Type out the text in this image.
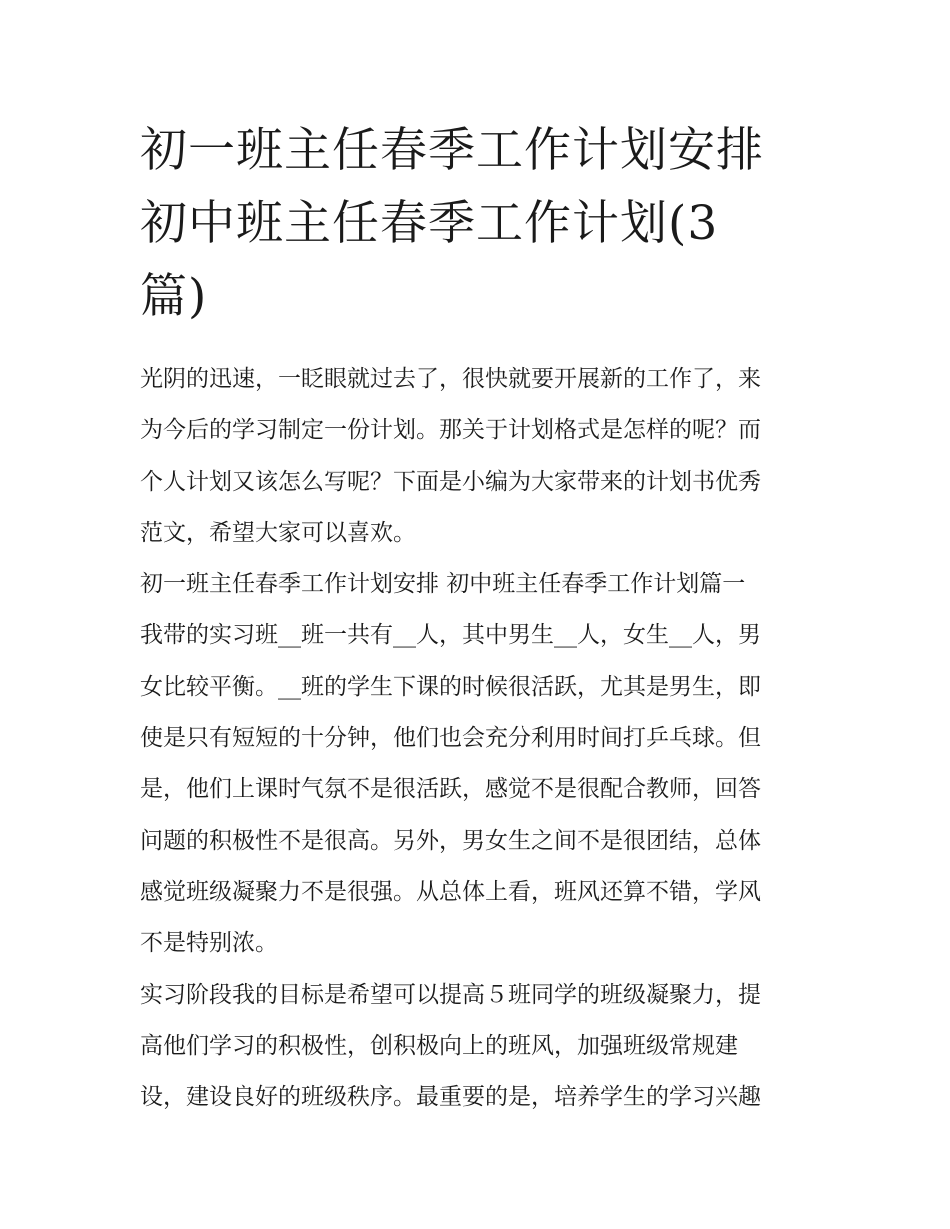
初一班主任春季工作计划安排
初中班主任春季工作计划(3
篇)
光阴的迅速，一眨眼就过去了，很快就要开展新的工作了，来
为今后的学习制定一份计划。那关于计划格式是怎样的呢？而
个人计划又该怎么写呢？下面是小编为大家带来的计划书优秀
范文，希望大家可以喜欢。
初一班主任春季工作计划安排 初中班主任春季工作计划篇一
我带的实习班__班一共有__人，其中男生__人，女生__人，男
女比较平衡。__班的学生下课的时候很活跃，尤其是男生，即
使是只有短短的十分钟，他们也会充分利用时间打乒乓球。但
是，他们上课时气氛不是很活跃，感觉不是很配合教师，回答
问题的积极性不是很高。另外，男女生之间不是很团结，总体
感觉班级凝聚力不是很强。从总体上看，班风还算不错，学风
不是特别浓。
实习阶段我的目标是希望可以提高５班同学的班级凝聚力，提
高他们学习的积极性，创积极向上的班风，加强班级常规建
设，建设良好的班级秩序。最重要的是，培养学生的学习兴趣
